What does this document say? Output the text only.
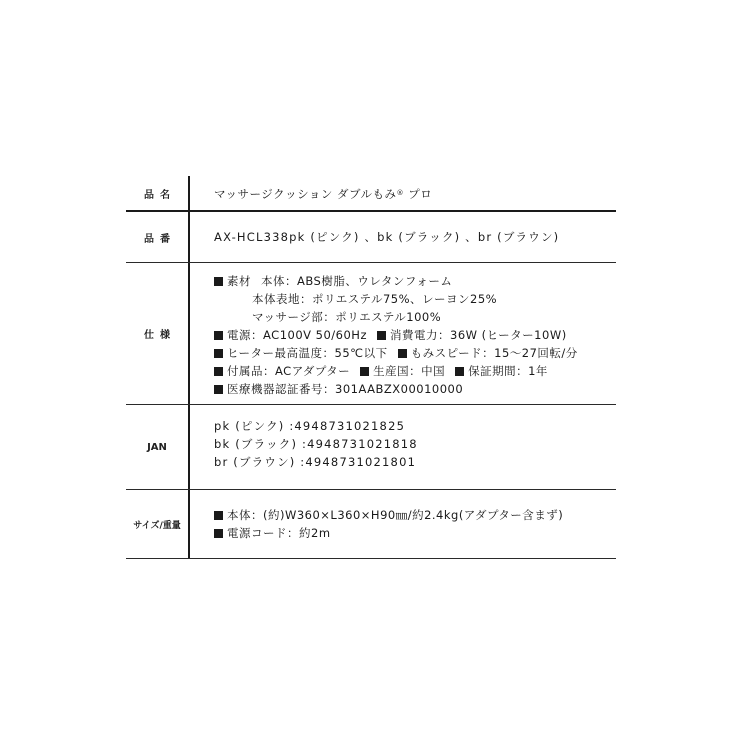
品名	マッサージクッション ダブルもみ® プロ
品番	AX-HCL338pk (ピンク) 、bk (ブラック) 、br (ブラウン)
仕様
素材 本体：ABS樹脂、ウレタンフォーム
本体表地：ポリエステル75%、レーヨン25%
マッサージ部：ポリエステル100%
電源：AC100V 50/60Hz 消費電力：36W (ヒーター10W)
ヒーター最高温度：55℃以下 もみスピード：15～27回転/分
付属品：ACアダプター 生産国：中国 保証期間：1年
医療機器認証番号：301AABZX00010000
JAN
pk (ピンク) :4948731021825
bk (ブラック) :4948731021818
br (ブラウン) :4948731021801
サイズ/重量
本体：(約)W360×L360×H90㎜/約2.4kg(アダプター含まず)
電源コード：約2m
